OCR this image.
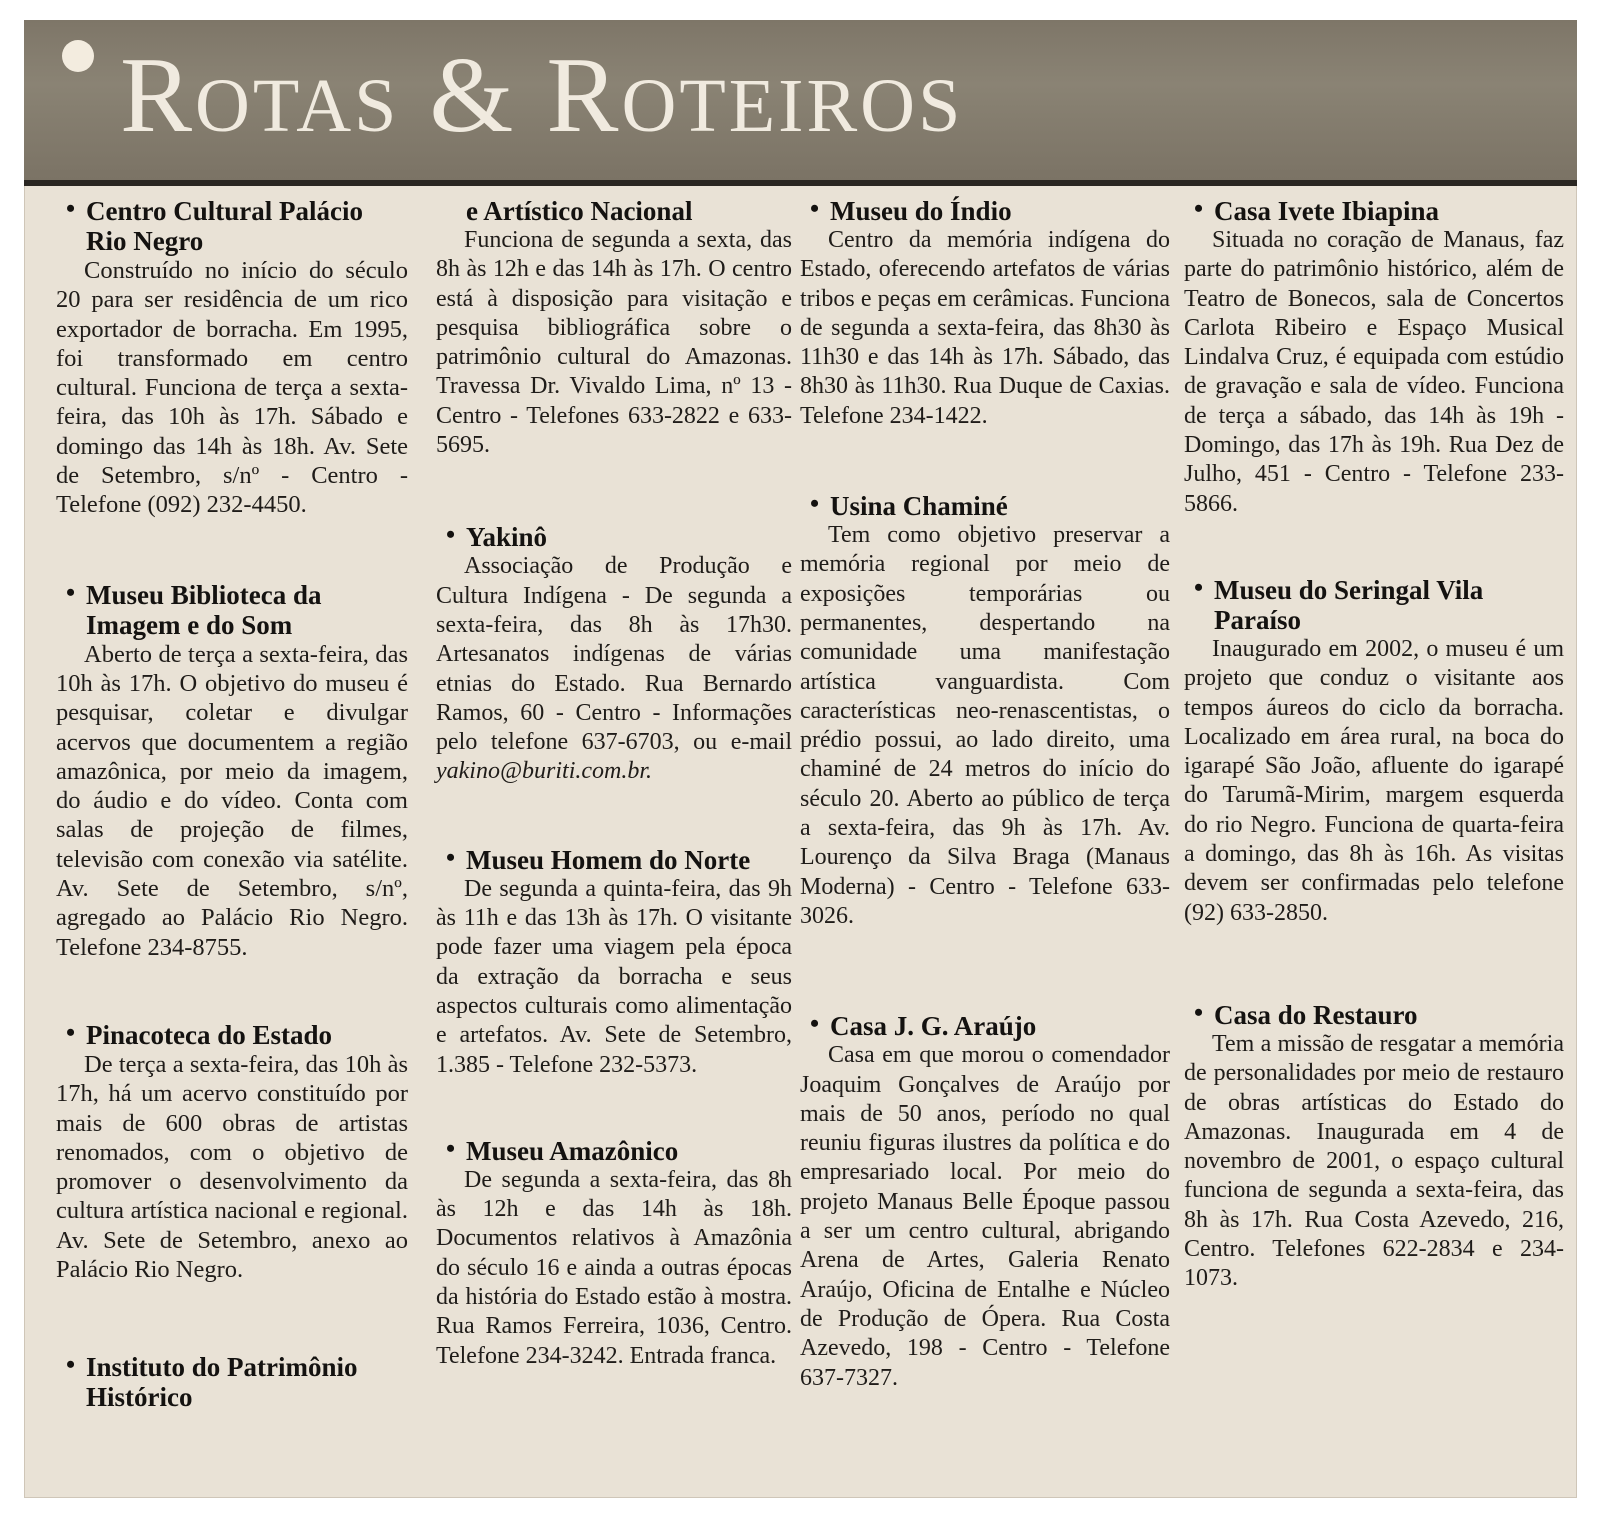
Rotas & Roteiros
• Centro Cultural Palácio Rio Negro

Construído no início do século 20 para ser residência de um rico exportador de borracha. Em 1995, foi transformado em centro cultural. Funciona de terça a sexta-feira, das 10h às 17h. Sábado e domingo das 14h às 18h. Av. Sete de Setembro, s/nº - Centro - Telefone (092) 232-4450.

• Museu Biblioteca da Imagem e do Som

Aberto de terça a sexta-feira, das 10h às 17h. O objetivo do museu é pesquisar, coletar e divulgar acervos que documentem a região amazônica, por meio da imagem, do áudio e do vídeo. Conta com salas de projeção de filmes, televisão com conexão via satélite. Av. Sete de Setembro, s/nº, agregado ao Palácio Rio Negro. Telefone 234-8755.

• Pinacoteca do Estado

De terça a sexta-feira, das 10h às 17h, há um acervo constituído por mais de 600 obras de artistas renomados, com o objetivo de promover o desenvolvimento da cultura artística nacional e regional. Av. Sete de Setembro, anexo ao Palácio Rio Negro.

• Instituto do Patrimônio Histórico
e Artístico Nacional

Funciona de segunda a sexta, das 8h às 12h e das 14h às 17h. O centro está à disposição para visitação e pesquisa bibliográfica sobre o patrimônio cultural do Amazonas. Travessa Dr. Vivaldo Lima, nº 13 - Centro - Telefones 633-2822 e 633-5695.

• Yakinô

Associação de Produção e Cultura Indígena - De segunda a sexta-feira, das 8h às 17h30. Artesanatos indígenas de várias etnias do Estado. Rua Bernardo Ramos, 60 - Centro - Informações pelo telefone 637-6703, ou e-mail yakino@buriti.com.br.

• Museu Homem do Norte

De segunda a quinta-feira, das 9h às 11h e das 13h às 17h. O visitante pode fazer uma viagem pela época da extração da borracha e seus aspectos culturais como alimentação e artefatos. Av. Sete de Setembro, 1.385 - Telefone 232-5373.

• Museu Amazônico

De segunda a sexta-feira, das 8h às 12h e das 14h às 18h. Documentos relativos à Amazônia do século 16 e ainda a outras épocas da história do Estado estão à mostra. Rua Ramos Ferreira, 1036, Centro. Telefone 234-3242. Entrada franca.

• Museu do Índio

Centro da memória indígena do Estado, oferecendo artefatos de várias tribos e peças em cerâmicas. Funciona de segunda a sexta-feira, das 8h30 às 11h30 e das 14h às 17h. Sábado, das 8h30 às 11h30. Rua Duque de Caxias. Telefone 234-1422.

• Usina Chaminé

Tem como objetivo preservar a memória regional por meio de exposições temporárias ou permanentes, despertando na comunidade uma manifestação artística vanguardista. Com características neo-renascentistas, o prédio possui, ao lado direito, uma chaminé de 24 metros do início do século 20. Aberto ao público de terça a sexta-feira, das 9h às 17h. Av. Lourenço da Silva Braga (Manaus Moderna) - Centro - Telefone 633-3026.

• Casa J. G. Araújo

Casa em que morou o comendador Joaquim Gonçalves de Araújo por mais de 50 anos, período no qual reuniu figuras ilustres da política e do empresariado local. Por meio do projeto Manaus Belle Époque passou a ser um centro cultural, abrigando Arena de Artes, Galeria Renato Araújo, Oficina de Entalhe e Núcleo de Produção de Ópera. Rua Costa Azevedo, 198 - Centro - Telefone 637-7327.

• Casa Ivete Ibiapina

Situada no coração de Manaus, faz parte do patrimônio histórico, além de Teatro de Bonecos, sala de Concertos Carlota Ribeiro e Espaço Musical Lindalva Cruz, é equipada com estúdio de gravação e sala de vídeo. Funciona de terça a sábado, das 14h às 19h - Domingo, das 17h às 19h. Rua Dez de Julho, 451 - Centro - Telefone 233-5866.

• Museu do Seringal Vila Paraíso

Inaugurado em 2002, o museu é um projeto que conduz o visitante aos tempos áureos do ciclo da borracha. Localizado em área rural, na boca do igarapé São João, afluente do igarapé do Tarumã-Mirim, margem esquerda do rio Negro. Funciona de quarta-feira a domingo, das 8h às 16h. As visitas devem ser confirmadas pelo telefone (92) 633-2850.

• Casa do Restauro

Tem a missão de resgatar a memória de personalidades por meio de restauro de obras artísticas do Estado do Amazonas. Inaugurada em 4 de novembro de 2001, o espaço cultural funciona de segunda a sexta-feira, das 8h às 17h. Rua Costa Azevedo, 216, Centro. Telefones 622-2834 e 234-1073.
